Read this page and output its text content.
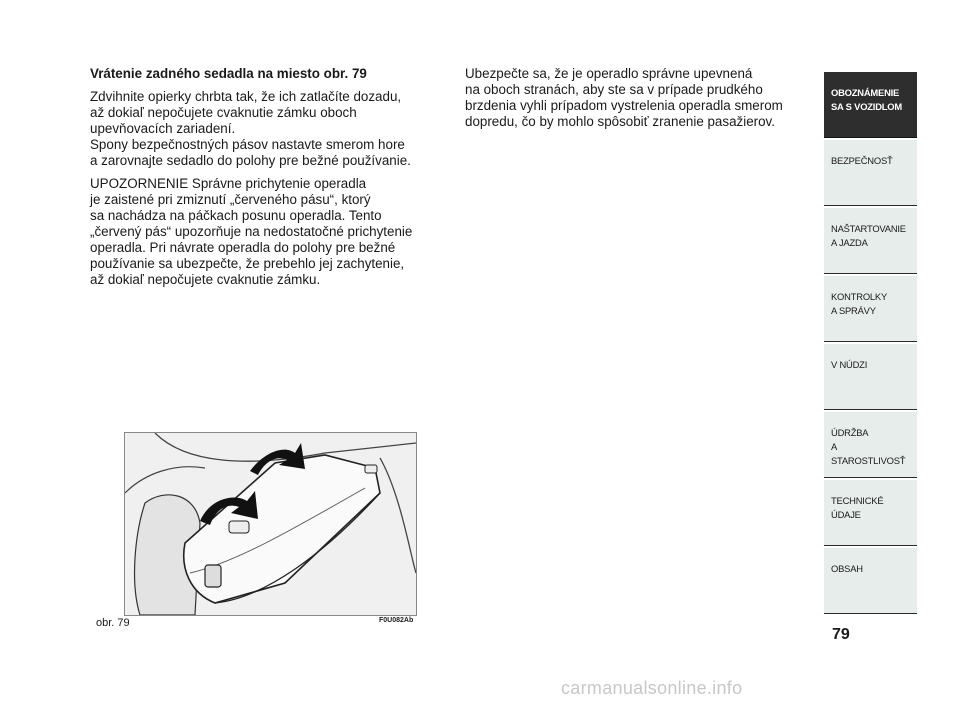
Vrátenie zadného sedadla na miesto obr. 79

Zdvihnite opierky chrbta tak, že ich zatlačíte dozadu,
až dokiaľ nepočujete cvaknutie zámku oboch
upevňovacích zariadení.
Spony bezpečnostných pásov nastavte smerom hore
a zarovnajte sedadlo do polohy pre bežné používanie.

UPOZORNENIE Správne prichytenie operadla
je zaistené pri zmiznutí „červeného pásu“, ktorý
sa nachádza na páčkach posunu operadla. Tento
„červený pás“ upozorňuje na nedostatočné prichytenie
operadla. Pri návrate operadla do polohy pre bežné
používanie sa ubezpečte, že prebehlo jej zachytenie,
až dokiaľ nepočujete cvaknutie zámku.

Ubezpečte sa, že je operadlo správne upevnená
na oboch stranách, aby ste sa v prípade prudkého
brzdenia vyhli prípadom vystrelenia operadla smerom
dopredu, čo by mohlo spôsobiť zranenie pasažierov.

obr. 79	F0U082Ab
OBOZNÁMENIE
SA S VOZIDLOM
BEZPEČNOSŤ
NAŠTARTOVANIE
A JAZDA
KONTROLKY
A SPRÁVY
V NÚDZI
ÚDRŽBA
A STAROSTLIVOSŤ
TECHNICKÉ
ÚDAJE
OBSAH
79
carmanualsonline.info
